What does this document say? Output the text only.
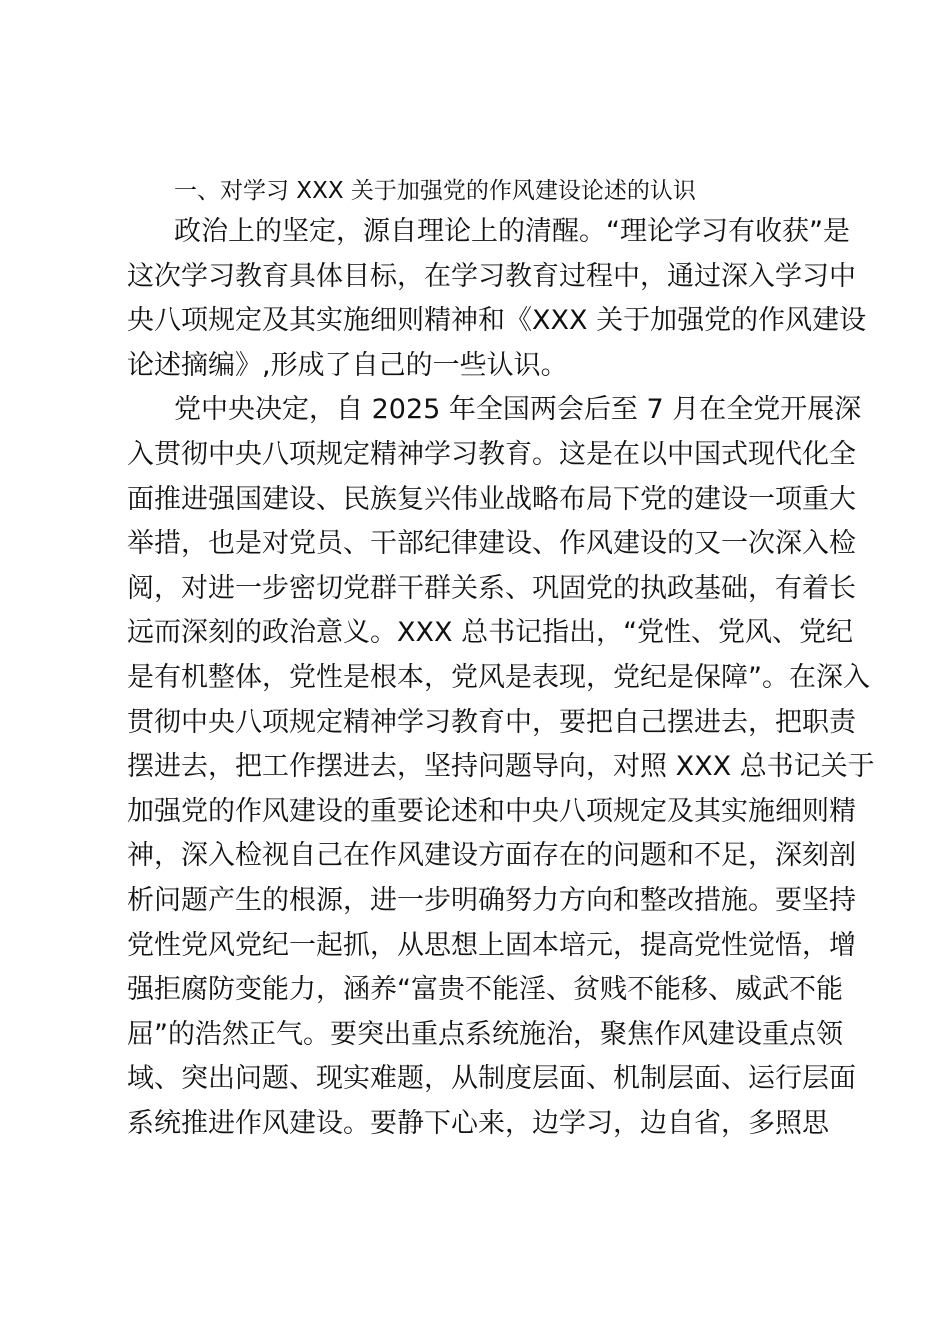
一、对学习 XXX 关于加强党的作风建设论述的认识
政治上的坚定，源自理论上的清醒。“理论学习有收获”是
这次学习教育具体目标，在学习教育过程中，通过深入学习中
央八项规定及其实施细则精神和《XXX 关于加强党的作风建设
论述摘编》,形成了自己的一些认识。
党中央决定，自 2025 年全国两会后至 7 月在全党开展深
入贯彻中央八项规定精神学习教育。这是在以中国式现代化全
面推进强国建设、民族复兴伟业战略布局下党的建设一项重大
举措，也是对党员、干部纪律建设、作风建设的又一次深入检
阅，对进一步密切党群干群关系、巩固党的执政基础，有着长
远而深刻的政治意义。XXX 总书记指出，“党性、党风、党纪
是有机整体，党性是根本，党风是表现，党纪是保障”。在深入
贯彻中央八项规定精神学习教育中，要把自己摆进去，把职责
摆进去，把工作摆进去，坚持问题导向，对照 XXX 总书记关于
加强党的作风建设的重要论述和中央八项规定及其实施细则精
神，深入检视自己在作风建设方面存在的问题和不足，深刻剖
析问题产生的根源，进一步明确努力方向和整改措施。要坚持
党性党风党纪一起抓，从思想上固本培元，提高党性觉悟，增
强拒腐防变能力，涵养“富贵不能淫、贫贱不能移、威武不能
屈”的浩然正气。要突出重点系统施治，聚焦作风建设重点领
域、突出问题、现实难题，从制度层面、机制层面、运行层面
系统推进作风建设。要静下心来，边学习，边自省，多照思
